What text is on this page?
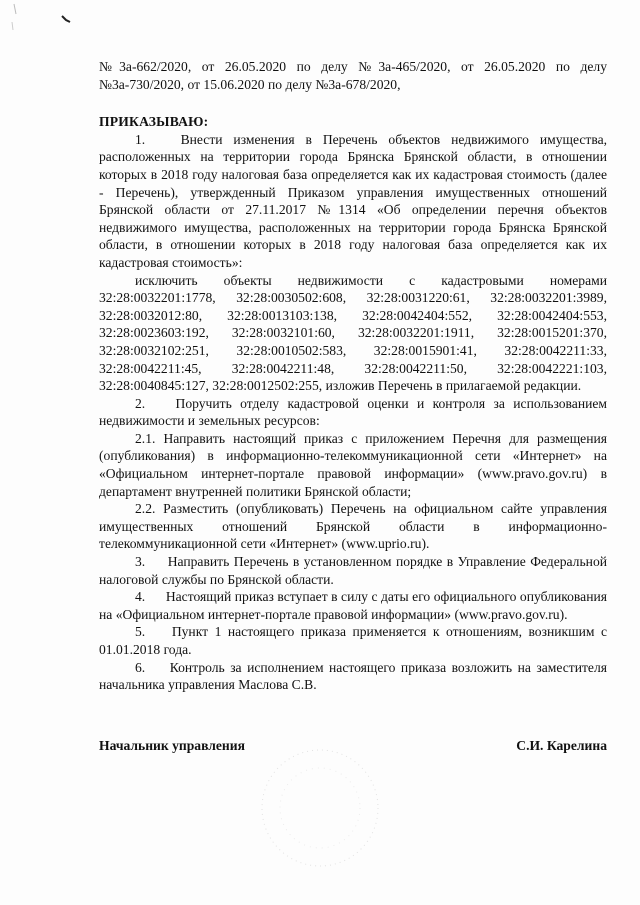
№3а-662/2020, от 26.05.2020 по делу №3а-465/2020, от 26.05.2020 по делу №3а-730/2020, от 15.06.2020 по делу №3а-678/2020,

ПРИКАЗЫВАЮ:

1. 	Внести изменения в Перечень объектов недвижимого имущества, расположенных на территории города Брянска Брянской области, в отношении которых в 2018 году налоговая база определяется как их кадастровая стоимость (далее - Перечень), утвержденный Приказом управления имущественных отношений Брянской области от 27.11.2017 №1314 «Об определении перечня объектов недвижимого имущества, расположенных на территории города Брянска Брянской области, в отношении которых в 2018 году налоговая база определяется как их кадастровая стоимость»:

исключить объекты недвижимости с кадастровыми номерами 32:28:0032201:1778, 32:28:0030502:608, 32:28:0031220:61, 32:28:0032201:3989, 32:28:0032012:80, 32:28:0013103:138, 32:28:0042404:552, 32:28:0042404:553, 32:28:0023603:192, 32:28:0032101:60, 32:28:0032201:1911, 32:28:0015201:370, 32:28:0032102:251, 32:28:0010502:583, 32:28:0015901:41, 32:28:0042211:33, 32:28:0042211:45, 32:28:0042211:48, 32:28:0042211:50, 32:28:0042221:103, 32:28:0040845:127, 32:28:0012502:255, изложив Перечень в прилагаемой редакции.

2.  Поручить отделу кадастровой оценки и контроля за использованием недвижимости и земельных ресурсов:

2.1. Направить настоящий приказ с приложением Перечня для размещения (опубликования) в информационно-телекоммуникационной сети «Интернет» на «Официальном интернет-портале правовой информации» (www.pravo.gov.ru) в департамент внутренней политики Брянской области;

2.2. Разместить (опубликовать) Перечень на официальном сайте управления имущественных отношений Брянской области в информационно-телекоммуникационной сети «Интернет» (www.uprio.ru).

3.  Направить Перечень в установленном порядке в Управление Федеральной налоговой службы по Брянской области.

4.  Настоящий приказ вступает в силу с даты его официального опубликования на «Официальном интернет-портале правовой информации» (www.pravo.gov.ru).

5.  Пункт 1 настоящего приказа применяется к отношениям, возникшим с 01.01.2018 года.

6.  Контроль за исполнением настоящего приказа возложить на заместителя начальника управления Маслова С.В.

Начальник управления	С.И. Карелина
